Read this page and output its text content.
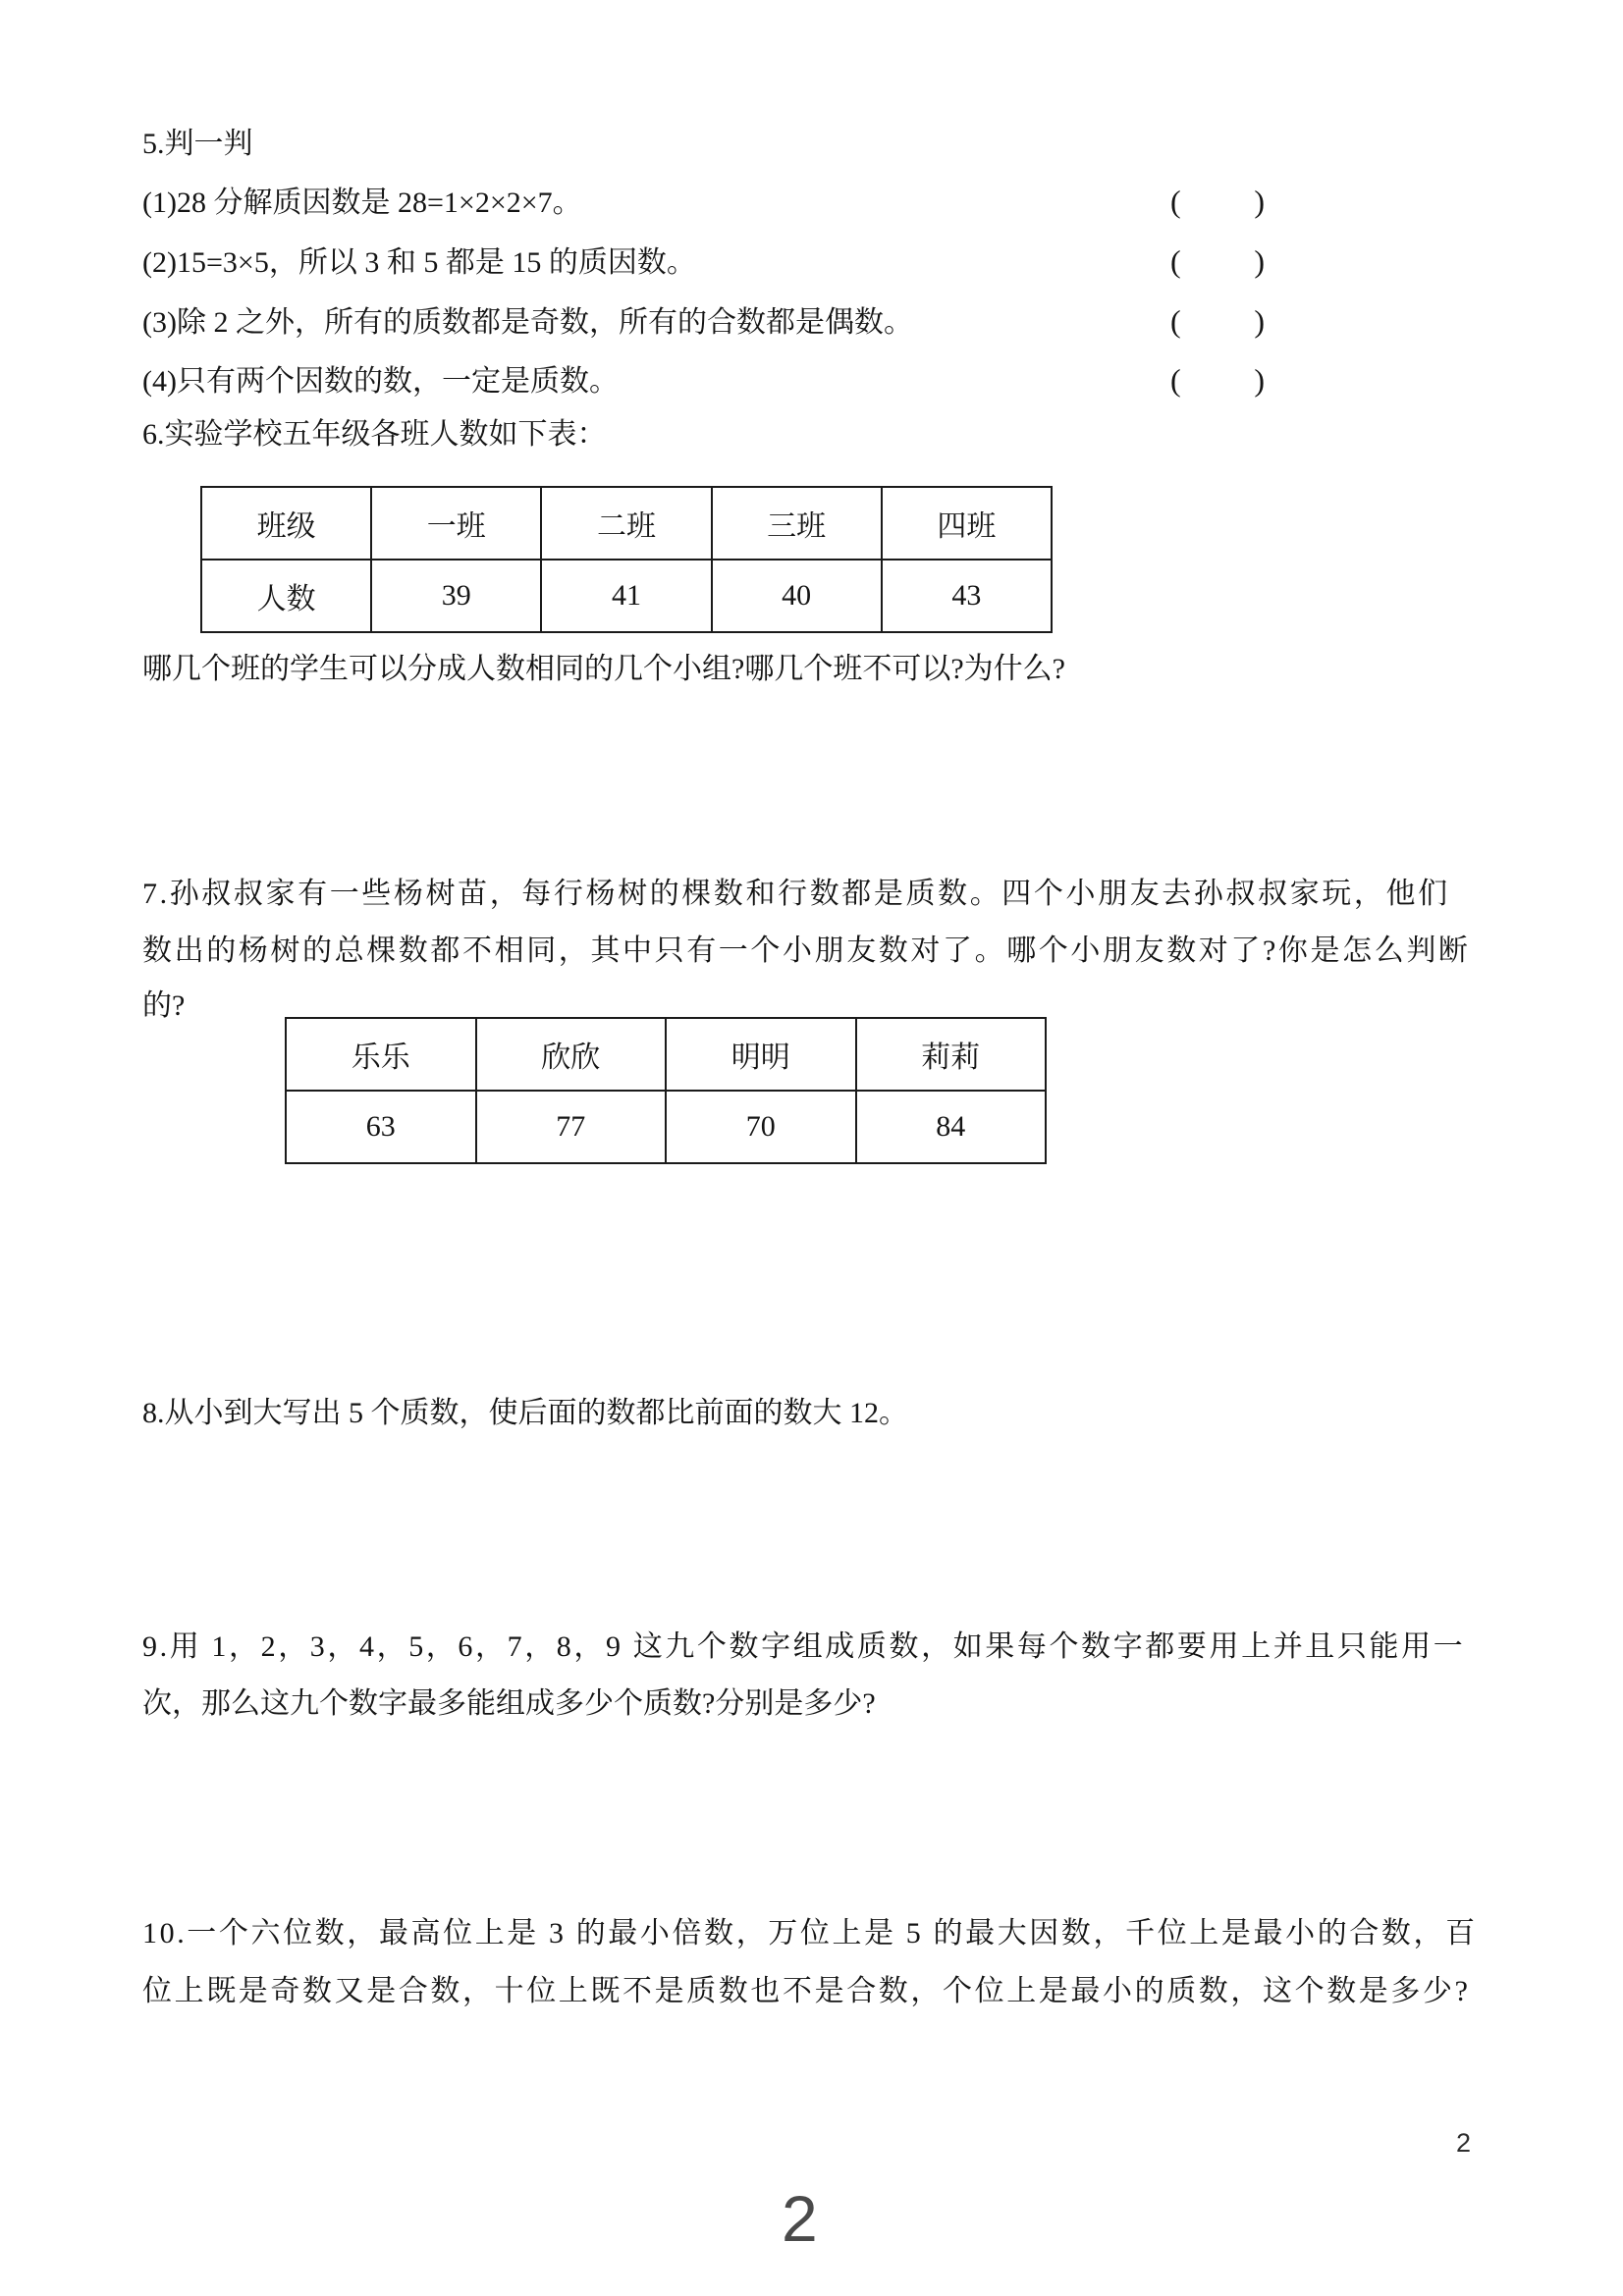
5.判一判
(1)28 分解质因数是 28=1×2×2×7。	( )
(2)15=3×5，所以 3 和 5 都是 15 的质因数。	( )
(3)除 2 之外，所有的质数都是奇数，所有的合数都是偶数。	( )
(4)只有两个因数的数，一定是质数。	( )
6.实验学校五年级各班人数如下表：
班级	一班	二班	三班	四班
人数	39	41	40	43
哪几个班的学生可以分成人数相同的几个小组?哪几个班不可以?为什么?
7.孙叔叔家有一些杨树苗，每行杨树的棵数和行数都是质数。四个小朋友去孙叔叔家玩，他们
数出的杨树的总棵数都不相同，其中只有一个小朋友数对了。哪个小朋友数对了?你是怎么判断
的?
乐乐	欣欣	明明	莉莉
63	77	70	84
8.从小到大写出 5 个质数，使后面的数都比前面的数大 12。
9.用 1，2，3，4，5，6，7，8，9 这九个数字组成质数，如果每个数字都要用上并且只能用一
次，那么这九个数字最多能组成多少个质数?分别是多少?
10.一个六位数，最高位上是 3 的最小倍数，万位上是 5 的最大因数，千位上是最小的合数，百
位上既是奇数又是合数，十位上既不是质数也不是合数，个位上是最小的质数，这个数是多少?
2
2
